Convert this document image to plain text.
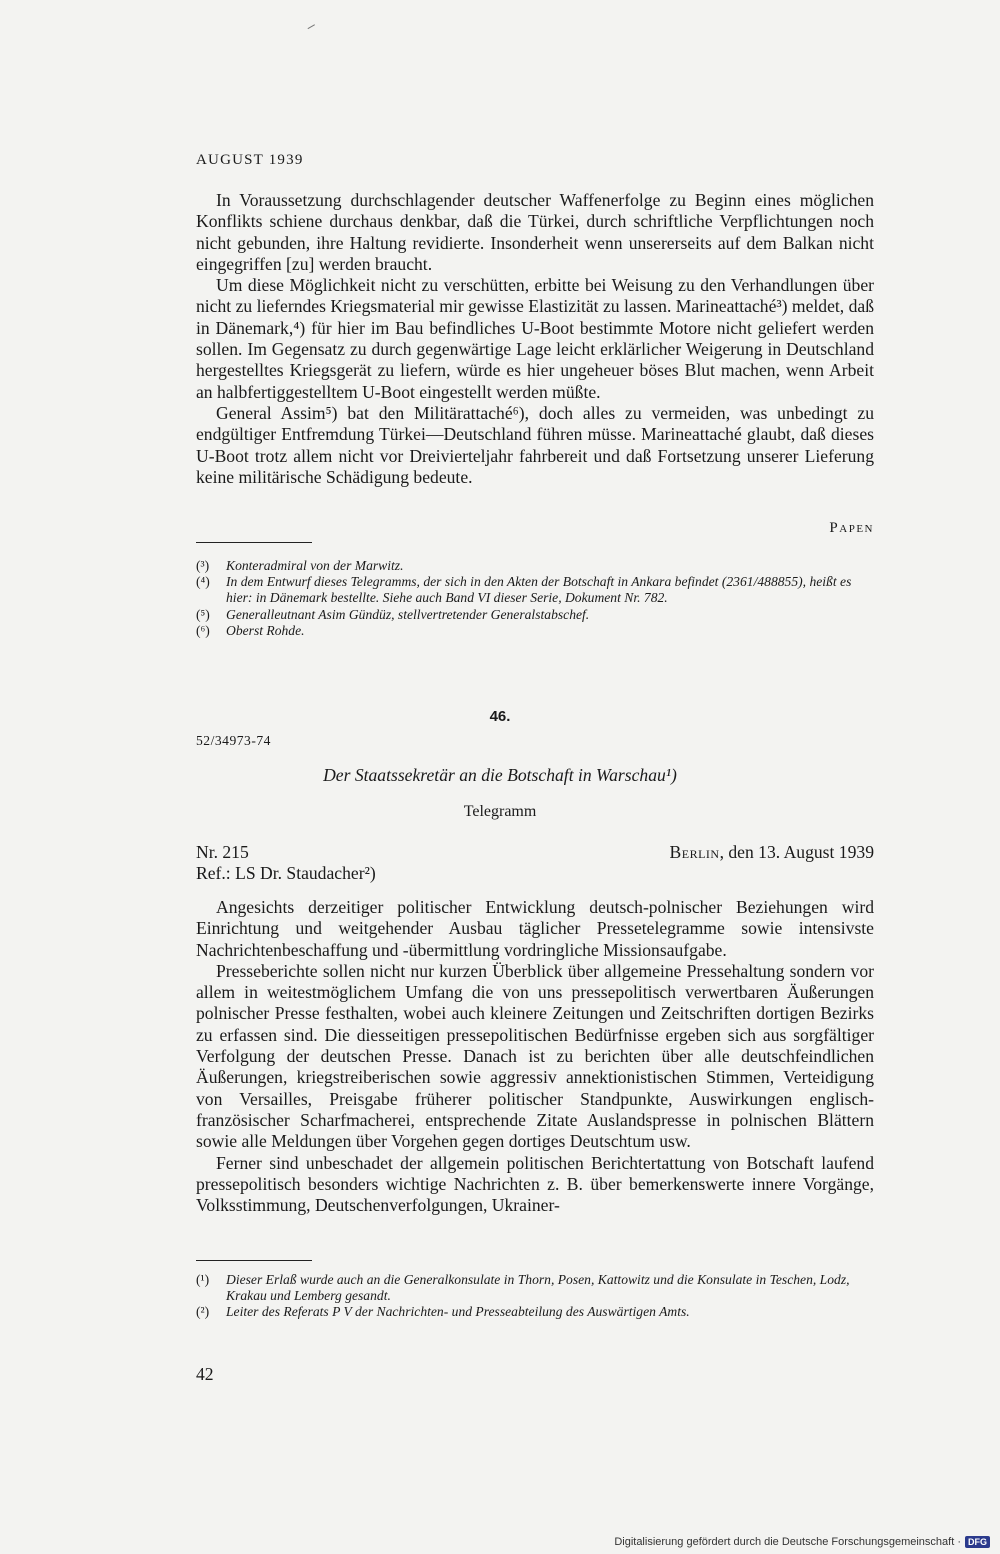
AUGUST 1939

In Voraussetzung durchschlagender deutscher Waffenerfolge zu Beginn eines möglichen Konflikts schiene durchaus denkbar, daß die Türkei, durch schriftliche Verpflichtungen noch nicht gebunden, ihre Haltung revidierte. Insonderheit wenn unsererseits auf dem Balkan nicht eingegriffen [zu] werden braucht.

Um diese Möglichkeit nicht zu verschütten, erbitte bei Weisung zu den Verhandlungen über nicht zu lieferndes Kriegsmaterial mir gewisse Elastizität zu lassen. Marineattaché³) meldet, daß in Dänemark,⁴) für hier im Bau befindliches U-Boot bestimmte Motore nicht geliefert werden sollen. Im Gegensatz zu durch gegenwärtige Lage leicht erklärlicher Weigerung in Deutschland hergestelltes Kriegsgerät zu liefern, würde es hier ungeheuer böses Blut machen, wenn Arbeit an halbfertiggestelltem U-Boot eingestellt werden müßte.

General Assim⁵) bat den Militärattaché⁶), doch alles zu vermeiden, was unbedingt zu endgültiger Entfremdung Türkei—Deutschland führen müsse. Marineattaché glaubt, daß dieses U-Boot trotz allem nicht vor Dreivierteljahr fahrbereit und daß Fortsetzung unserer Lieferung keine militärische Schädigung bedeute.

Papen
(³)	Konteradmiral von der Marwitz.
(⁴)	In dem Entwurf dieses Telegramms, der sich in den Akten der Botschaft in Ankara befindet (2361/488855), heißt es hier: in Dänemark bestellte. Siehe auch Band VI dieser Serie, Dokument Nr. 782.
(⁵)	Generalleutnant Asim Gündüz, stellvertretender Generalstabschef.
(⁶)	Oberst Rohde.
46.
52/34973-74
Der Staatssekretär an die Botschaft in Warschau¹)
Telegramm
Nr. 215
Ref.: LS Dr. Staudacher²)
Berlin, den 13. August 1939

Angesichts derzeitiger politischer Entwicklung deutsch-polnischer Beziehungen wird Einrichtung und weitgehender Ausbau täglicher Pressetelegramme sowie intensivste Nachrichtenbeschaffung und -übermittlung vordringliche Missionsaufgabe.

Presseberichte sollen nicht nur kurzen Überblick über allgemeine Pressehaltung sondern vor allem in weitestmöglichem Umfang die von uns pressepolitisch verwertbaren Äußerungen polnischer Presse festhalten, wobei auch kleinere Zeitungen und Zeitschriften dortigen Bezirks zu erfassen sind. Die diesseitigen pressepolitischen Bedürfnisse ergeben sich aus sorgfältiger Verfolgung der deutschen Presse. Danach ist zu berichten über alle deutschfeindlichen Äußerungen, kriegstreiberischen sowie aggressiv annektionistischen Stimmen, Verteidigung von Versailles, Preisgabe früherer politischer Standpunkte, Auswirkungen englisch-französischer Scharfmacherei, entsprechende Zitate Auslandspresse in polnischen Blättern sowie alle Meldungen über Vorgehen gegen dortiges Deutschtum usw.

Ferner sind unbeschadet der allgemein politischen Berichtertattung von Botschaft laufend pressepolitisch besonders wichtige Nachrichten z. B. über bemerkenswerte innere Vorgänge, Volksstimmung, Deutschenverfolgungen, Ukrainer-

(¹)	Dieser Erlaß wurde auch an die Generalkonsulate in Thorn, Posen, Kattowitz und die Konsulate in Teschen, Lodz, Krakau und Lemberg gesandt.
(²)	Leiter des Referats P V der Nachrichten- und Presseabteilung des Auswärtigen Amts.
42
Digitalisierung gefördert durch die Deutsche Forschungsgemeinschaft · DFG
